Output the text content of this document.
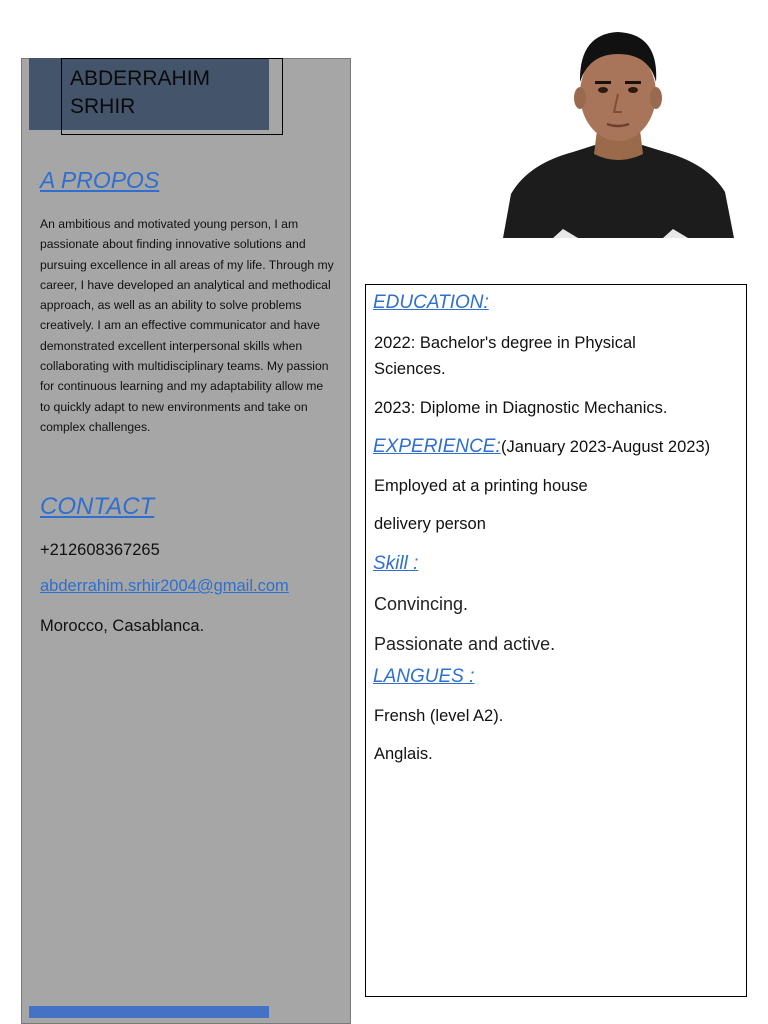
ABDERRAHIM
SRHIR
A PROPOS
An ambitious and motivated young person, I am passionate about finding innovative solutions and pursuing excellence in all areas of my life. Through my career, I have developed an analytical and methodical approach, as well as an ability to solve problems creatively. I am an effective communicator and have demonstrated excellent interpersonal skills when collaborating with multidisciplinary teams. My passion for continuous learning and my adaptability allow me to quickly adapt to new environments and take on complex challenges.
CONTACT
+212608367265
abderrahim.srhir2004@gmail.com
Morocco, Casablanca.
EDUCATION:
2022: Bachelor's degree in Physical
Sciences.
2023: Diplome in Diagnostic Mechanics.
EXPERIENCE: (January 2023-August 2023)
Employed at a printing house
delivery person
Skill :
Convincing.
Passionate and active.
LANGUES :
Frensh (level A2).
Anglais.
